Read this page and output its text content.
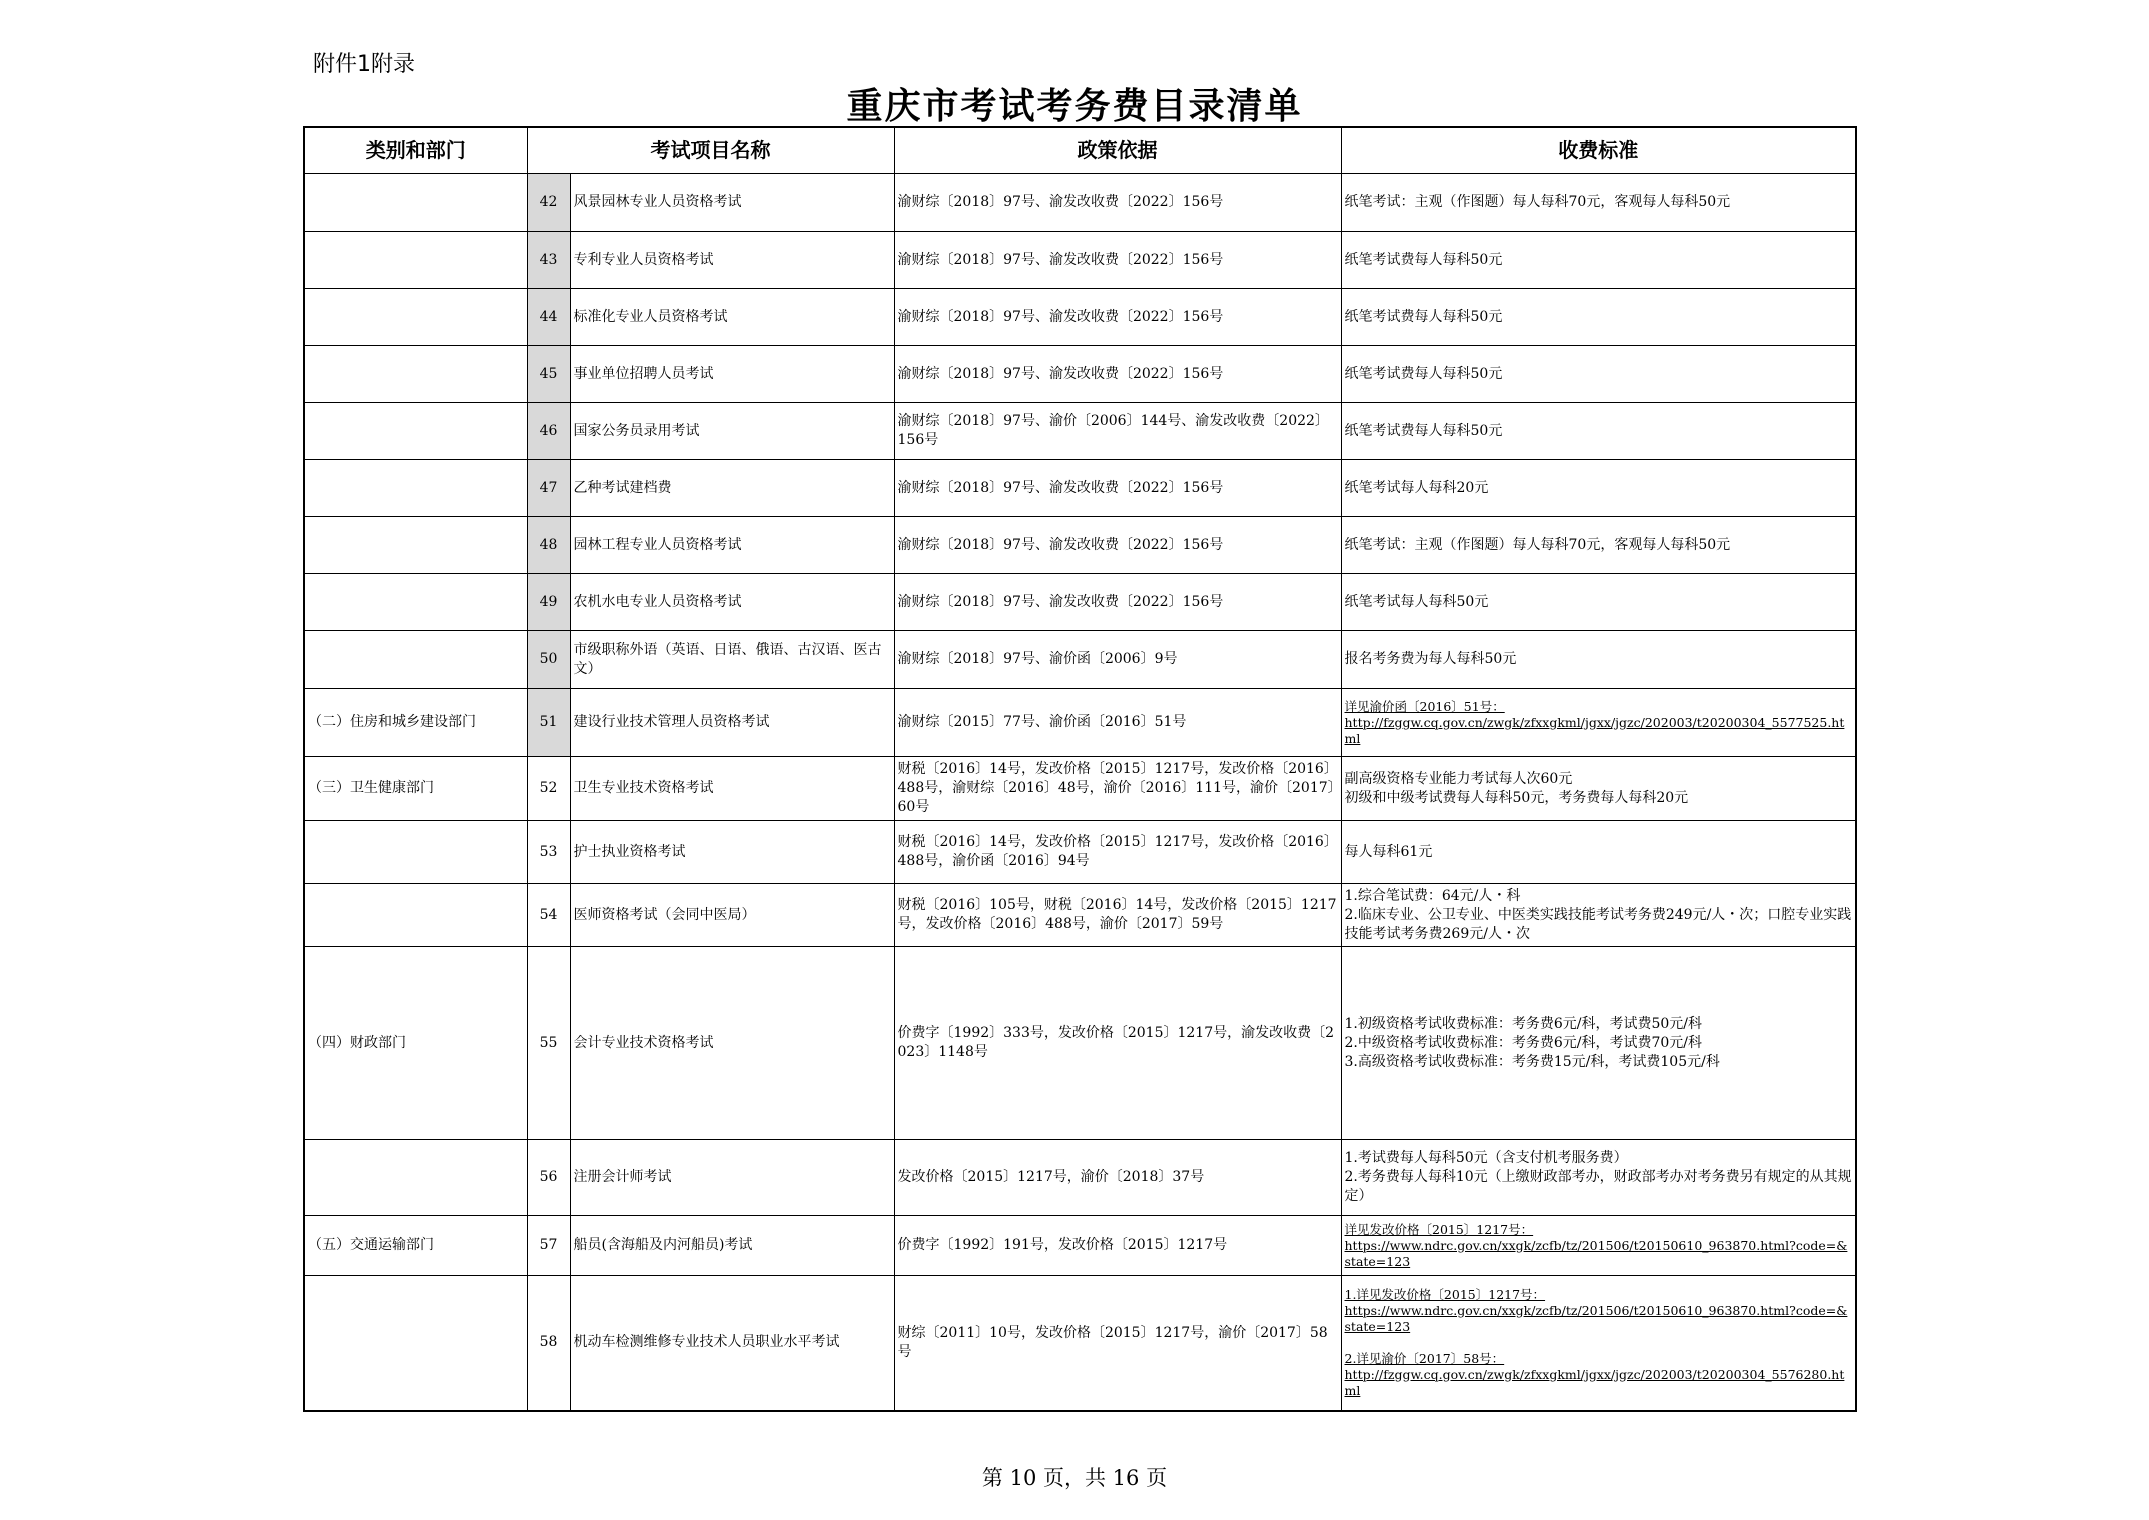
附件1附录
重庆市考试考务费目录清单
类别和部门	考试项目名称		政策依据	收费标准
	42	风景园林专业人员资格考试	渝财综〔2018〕97号、渝发改收费〔2022〕156号	纸笔考试：主观（作图题）每人每科70元，客观每人每科50元

	43	专利专业人员资格考试	渝财综〔2018〕97号、渝发改收费〔2022〕156号	纸笔考试费每人每科50元

	44	标准化专业人员资格考试	渝财综〔2018〕97号、渝发改收费〔2022〕156号	纸笔考试费每人每科50元

	45	事业单位招聘人员考试	渝财综〔2018〕97号、渝发改收费〔2022〕156号	纸笔考试费每人每科50元

	46	国家公务员录用考试	渝财综〔2018〕97号、渝价〔2006〕144号、渝发改收费〔2022〕156号	纸笔考试费每人每科50元

	47	乙种考试建档费	渝财综〔2018〕97号、渝发改收费〔2022〕156号	纸笔考试每人每科20元

	48	园林工程专业人员资格考试	渝财综〔2018〕97号、渝发改收费〔2022〕156号	纸笔考试：主观（作图题）每人每科70元，客观每人每科50元

	49	农机水电专业人员资格考试	渝财综〔2018〕97号、渝发改收费〔2022〕156号	纸笔考试每人每科50元

	50	市级职称外语（英语、日语、俄语、古汉语、医古文）	渝财综〔2018〕97号、渝价函〔2006〕9号	报名考务费为每人每科50元

（二）住房和城乡建设部门	51	建设行业技术管理人员资格考试	渝财综〔2015〕77号、渝价函〔2016〕51号	详见渝价函〔2016〕51号：
http://fzggw.cq.gov.cn/zwgk/zfxxgkml/jgxx/jgzc/202003/t20200304_5577525.html

（三）卫生健康部门	52	卫生专业技术资格考试	财税〔2016〕14号，发改价格〔2015〕1217号，发改价格〔2016〕488号，渝财综〔2016〕48号，渝价〔2016〕111号，渝价〔2017〕60号	副高级资格专业能力考试每人次60元
初级和中级考试费每人每科50元，考务费每人每科20元

	53	护士执业资格考试	财税〔2016〕14号，发改价格〔2015〕1217号，发改价格〔2016〕488号，渝价函〔2016〕94号	每人每科61元

	54	医师资格考试（会同中医局）	财税〔2016〕105号，财税〔2016〕14号，发改价格〔2015〕1217号，发改价格〔2016〕488号，渝价〔2017〕59号	1.综合笔试费：64元/人・科
2.临床专业、公卫专业、中医类实践技能考试考务费249元/人・次；口腔专业实践技能考试考务费269元/人・次

（四）财政部门	55	会计专业技术资格考试	价费字〔1992〕333号，发改价格〔2015〕1217号，渝发改收费〔2023〕1148号	1.初级资格考试收费标准：考务费6元/科，考试费50元/科
2.中级资格考试收费标准：考务费6元/科，考试费70元/科
3.高级资格考试收费标准：考务费15元/科，考试费105元/科

	56	注册会计师考试	发改价格〔2015〕1217号，渝价〔2018〕37号	1.考试费每人每科50元（含支付机考服务费）
2.考务费每人每科10元（上缴财政部考办，财政部考办对考务费另有规定的从其规定）

（五）交通运输部门	57	船员(含海船及内河船员)考试	价费字〔1992〕191号，发改价格〔2015〕1217号	详见发改价格〔2015〕1217号：
https://www.ndrc.gov.cn/xxgk/zcfb/tz/201506/t20150610_963870.html?code=&state=123

	58	机动车检测维修专业技术人员职业水平考试	财综〔2011〕10号，发改价格〔2015〕1217号，渝价〔2017〕58号	1.详见发改价格〔2015〕1217号：
https://www.ndrc.gov.cn/xxgk/zcfb/tz/201506/t20150610_963870.html?code=&state=123
2.详见渝价〔2017〕58号：
http://fzggw.cq.gov.cn/zwgk/zfxxgkml/jgxx/jgzc/202003/t20200304_5576280.html
第 10 页，共 16 页
